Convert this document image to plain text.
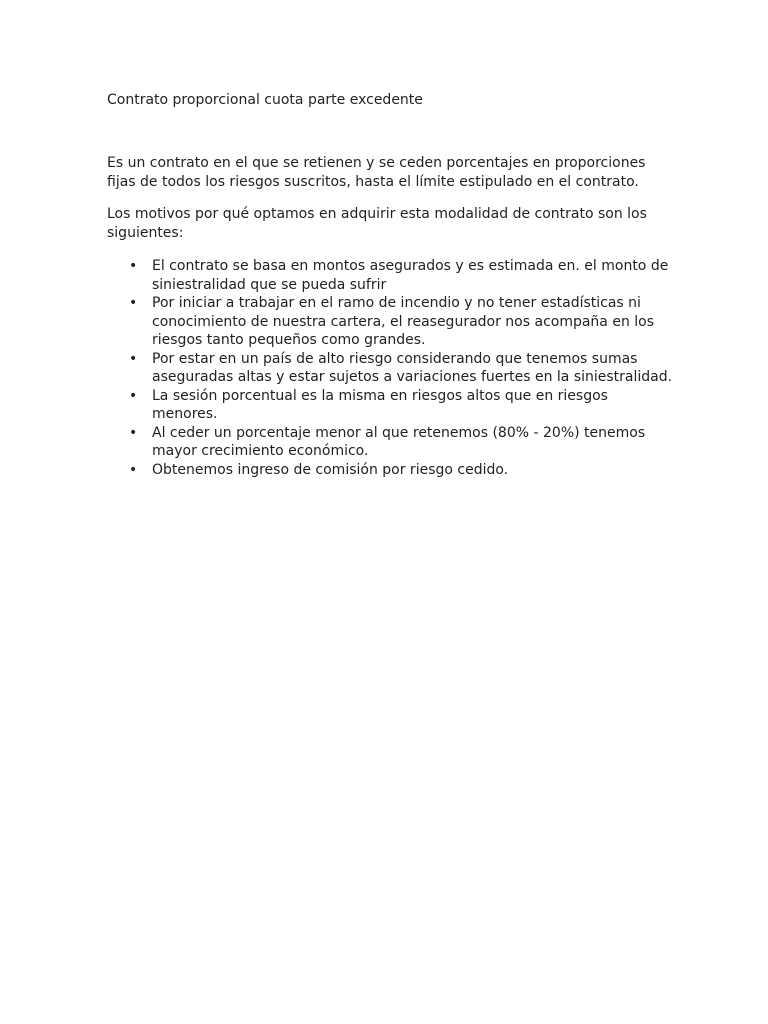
Contrato proporcional cuota parte excedente

Es un contrato en el que se retienen y se ceden porcentajes en proporciones fijas de todos los riesgos suscritos, hasta el límite estipulado en el contrato.

Los motivos por qué optamos en adquirir esta modalidad de contrato son los siguientes:

• El contrato se basa en montos asegurados y es estimada en. el monto de siniestralidad que se pueda sufrir
• Por iniciar a trabajar en el ramo de incendio y no tener estadísticas ni conocimiento de nuestra cartera, el reasegurador nos acompaña en los riesgos tanto pequeños como grandes.
• Por estar en un país de alto riesgo considerando que tenemos sumas aseguradas altas y estar sujetos a variaciones fuertes en la siniestralidad.
• La sesión porcentual es la misma en riesgos altos que en riesgos menores.
• Al ceder un porcentaje menor al que retenemos (80% - 20%) tenemos mayor crecimiento económico.
• Obtenemos ingreso de comisión por riesgo cedido.
